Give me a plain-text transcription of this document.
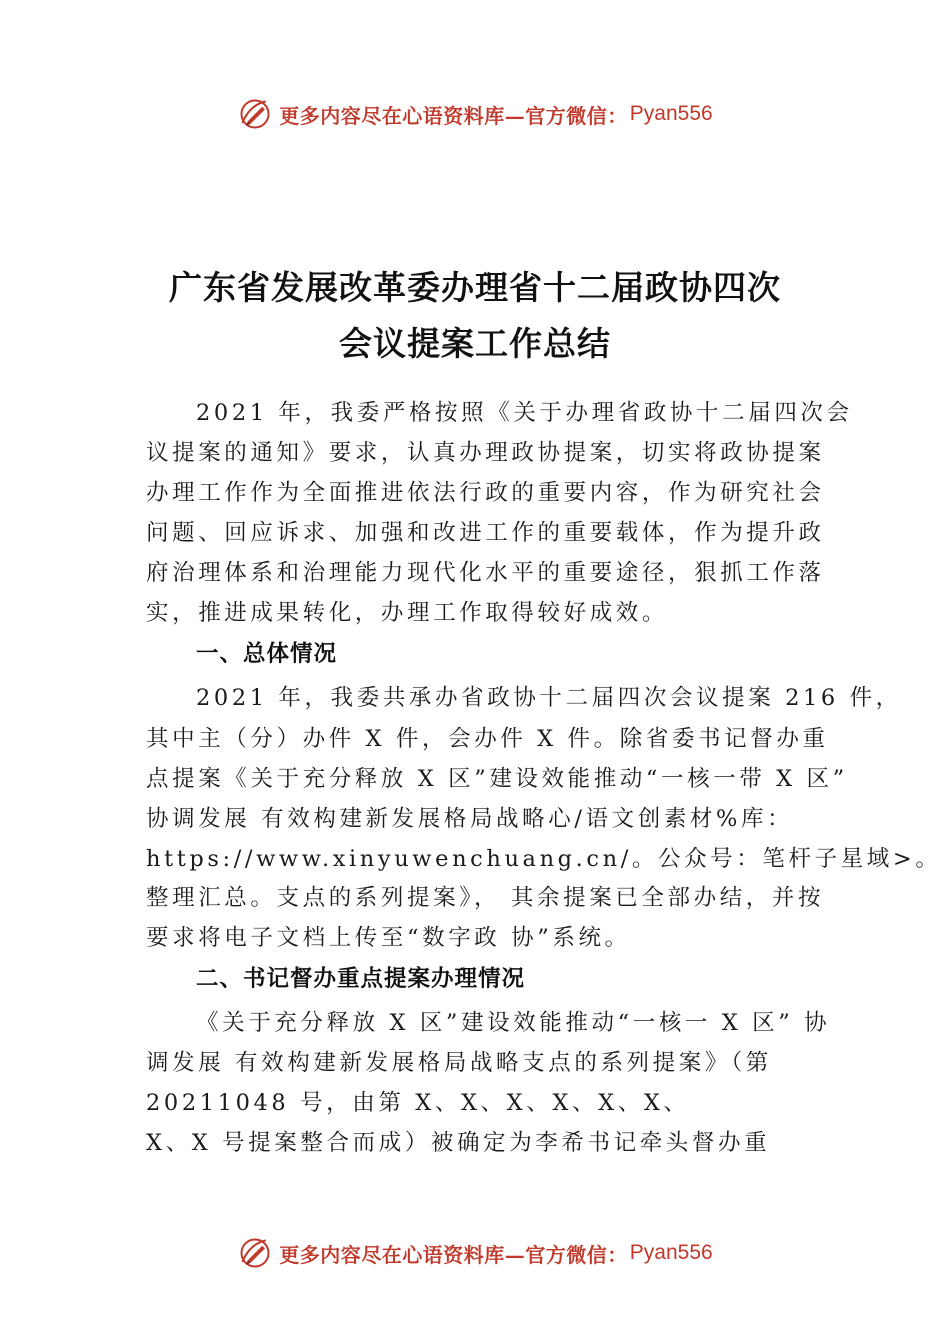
更多内容尽在心语资料库—官方微信： Pyan556
广东省发展改革委办理省十二届政协四次
会议提案工作总结
2021 年，我委严格按照《关于办理省政协十二届四次会
议提案的通知》要求，认真办理政协提案，切实将政协提案
办理工作作为全面推进依法行政的重要内容，作为研究社会
问题、回应诉求、加强和改进工作的重要载体，作为提升政
府治理体系和治理能力现代化水平的重要途径，狠抓工作落
实，推进成果转化，办理工作取得较好成效。
一、总体情况
2021 年，我委共承办省政协十二届四次会议提案 216 件，
其中主（分）办件 X 件，会办件 X 件。除省委书记督办重
点提案《关于充分释放 X 区”建设效能推动“一核一带 X 区”
协调发展 有效构建新发展格局战略心/语文创素材%库：
https://www.xinyuwenchuang.cn/。公众号：笔杆子星域>。
整理汇总。支点的系列提案》， 其余提案已全部办结，并按
要求将电子文档上传至“数字政 协”系统。
二、书记督办重点提案办理情况
《关于充分释放 X 区”建设效能推动“一核一 X 区” 协
调发展 有效构建新发展格局战略支点的系列提案》（第
20211048 号，由第 X、X、X、X、X、X、
X、X 号提案整合而成）被确定为李希书记牵头督办重
更多内容尽在心语资料库—官方微信： Pyan556
